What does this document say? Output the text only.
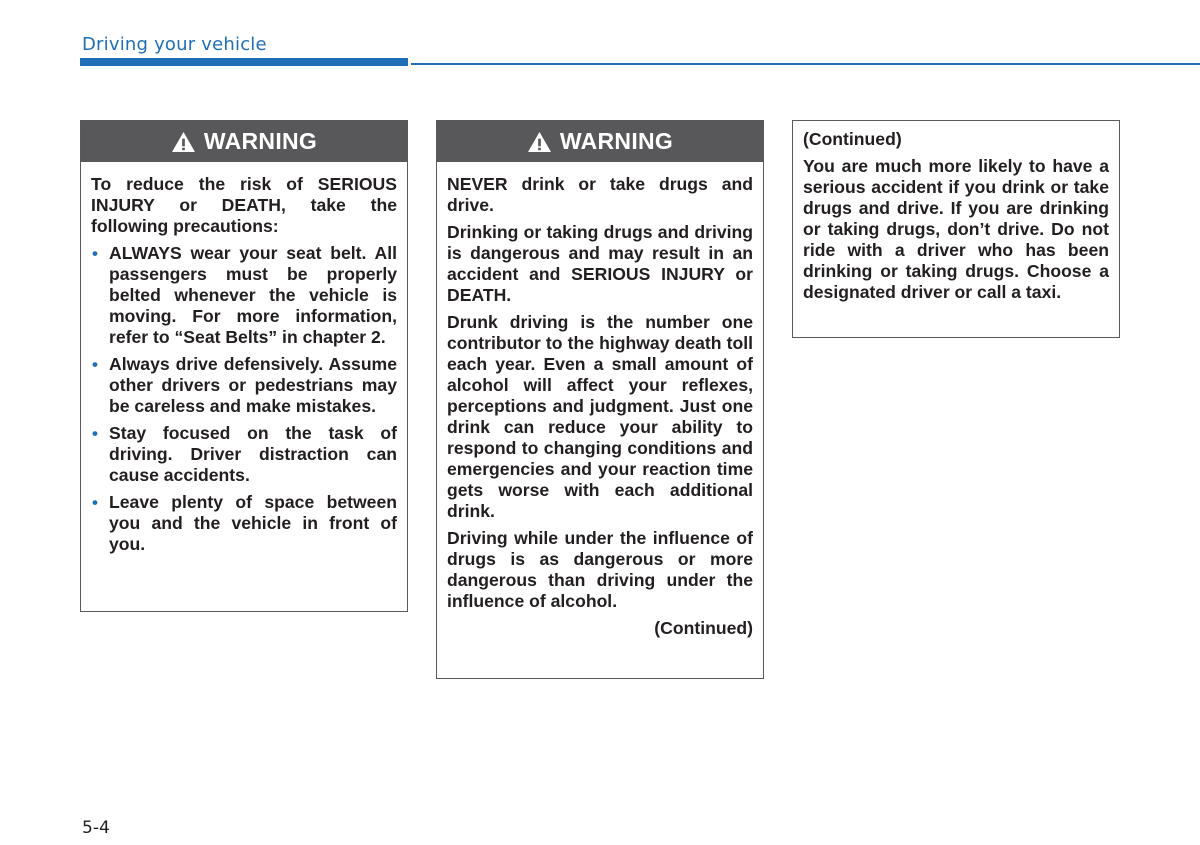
Driving your vehicle
WARNING

To reduce the risk of SERIOUS INJURY or DEATH, take the following precautions:

• ALWAYS wear your seat belt. All passengers must be properly belted whenever the vehicle is moving. For more information, refer to “Seat Belts” in chapter 2.
• Always drive defensively. Assume other drivers or pedestrians may be careless and make mistakes.
• Stay focused on the task of driving. Driver distraction can cause accidents.
• Leave plenty of space between you and the vehicle in front of you.
WARNING

NEVER drink or take drugs and drive.

Drinking or taking drugs and driving is dangerous and may result in an accident and SERIOUS INJURY or DEATH.

Drunk driving is the number one contributor to the highway death toll each year. Even a small amount of alcohol will affect your reflexes, perceptions and judgment. Just one drink can reduce your ability to respond to changing conditions and emergencies and your reaction time gets worse with each additional drink.

Driving while under the influence of drugs is as dangerous or more dangerous than driving under the influence of alcohol.

(Continued)

(Continued)

You are much more likely to have a serious accident if you drink or take drugs and drive. If you are drinking or taking drugs, don’t drive. Do not ride with a driver who has been drinking or taking drugs. Choose a designated driver or call a taxi.

5-4
